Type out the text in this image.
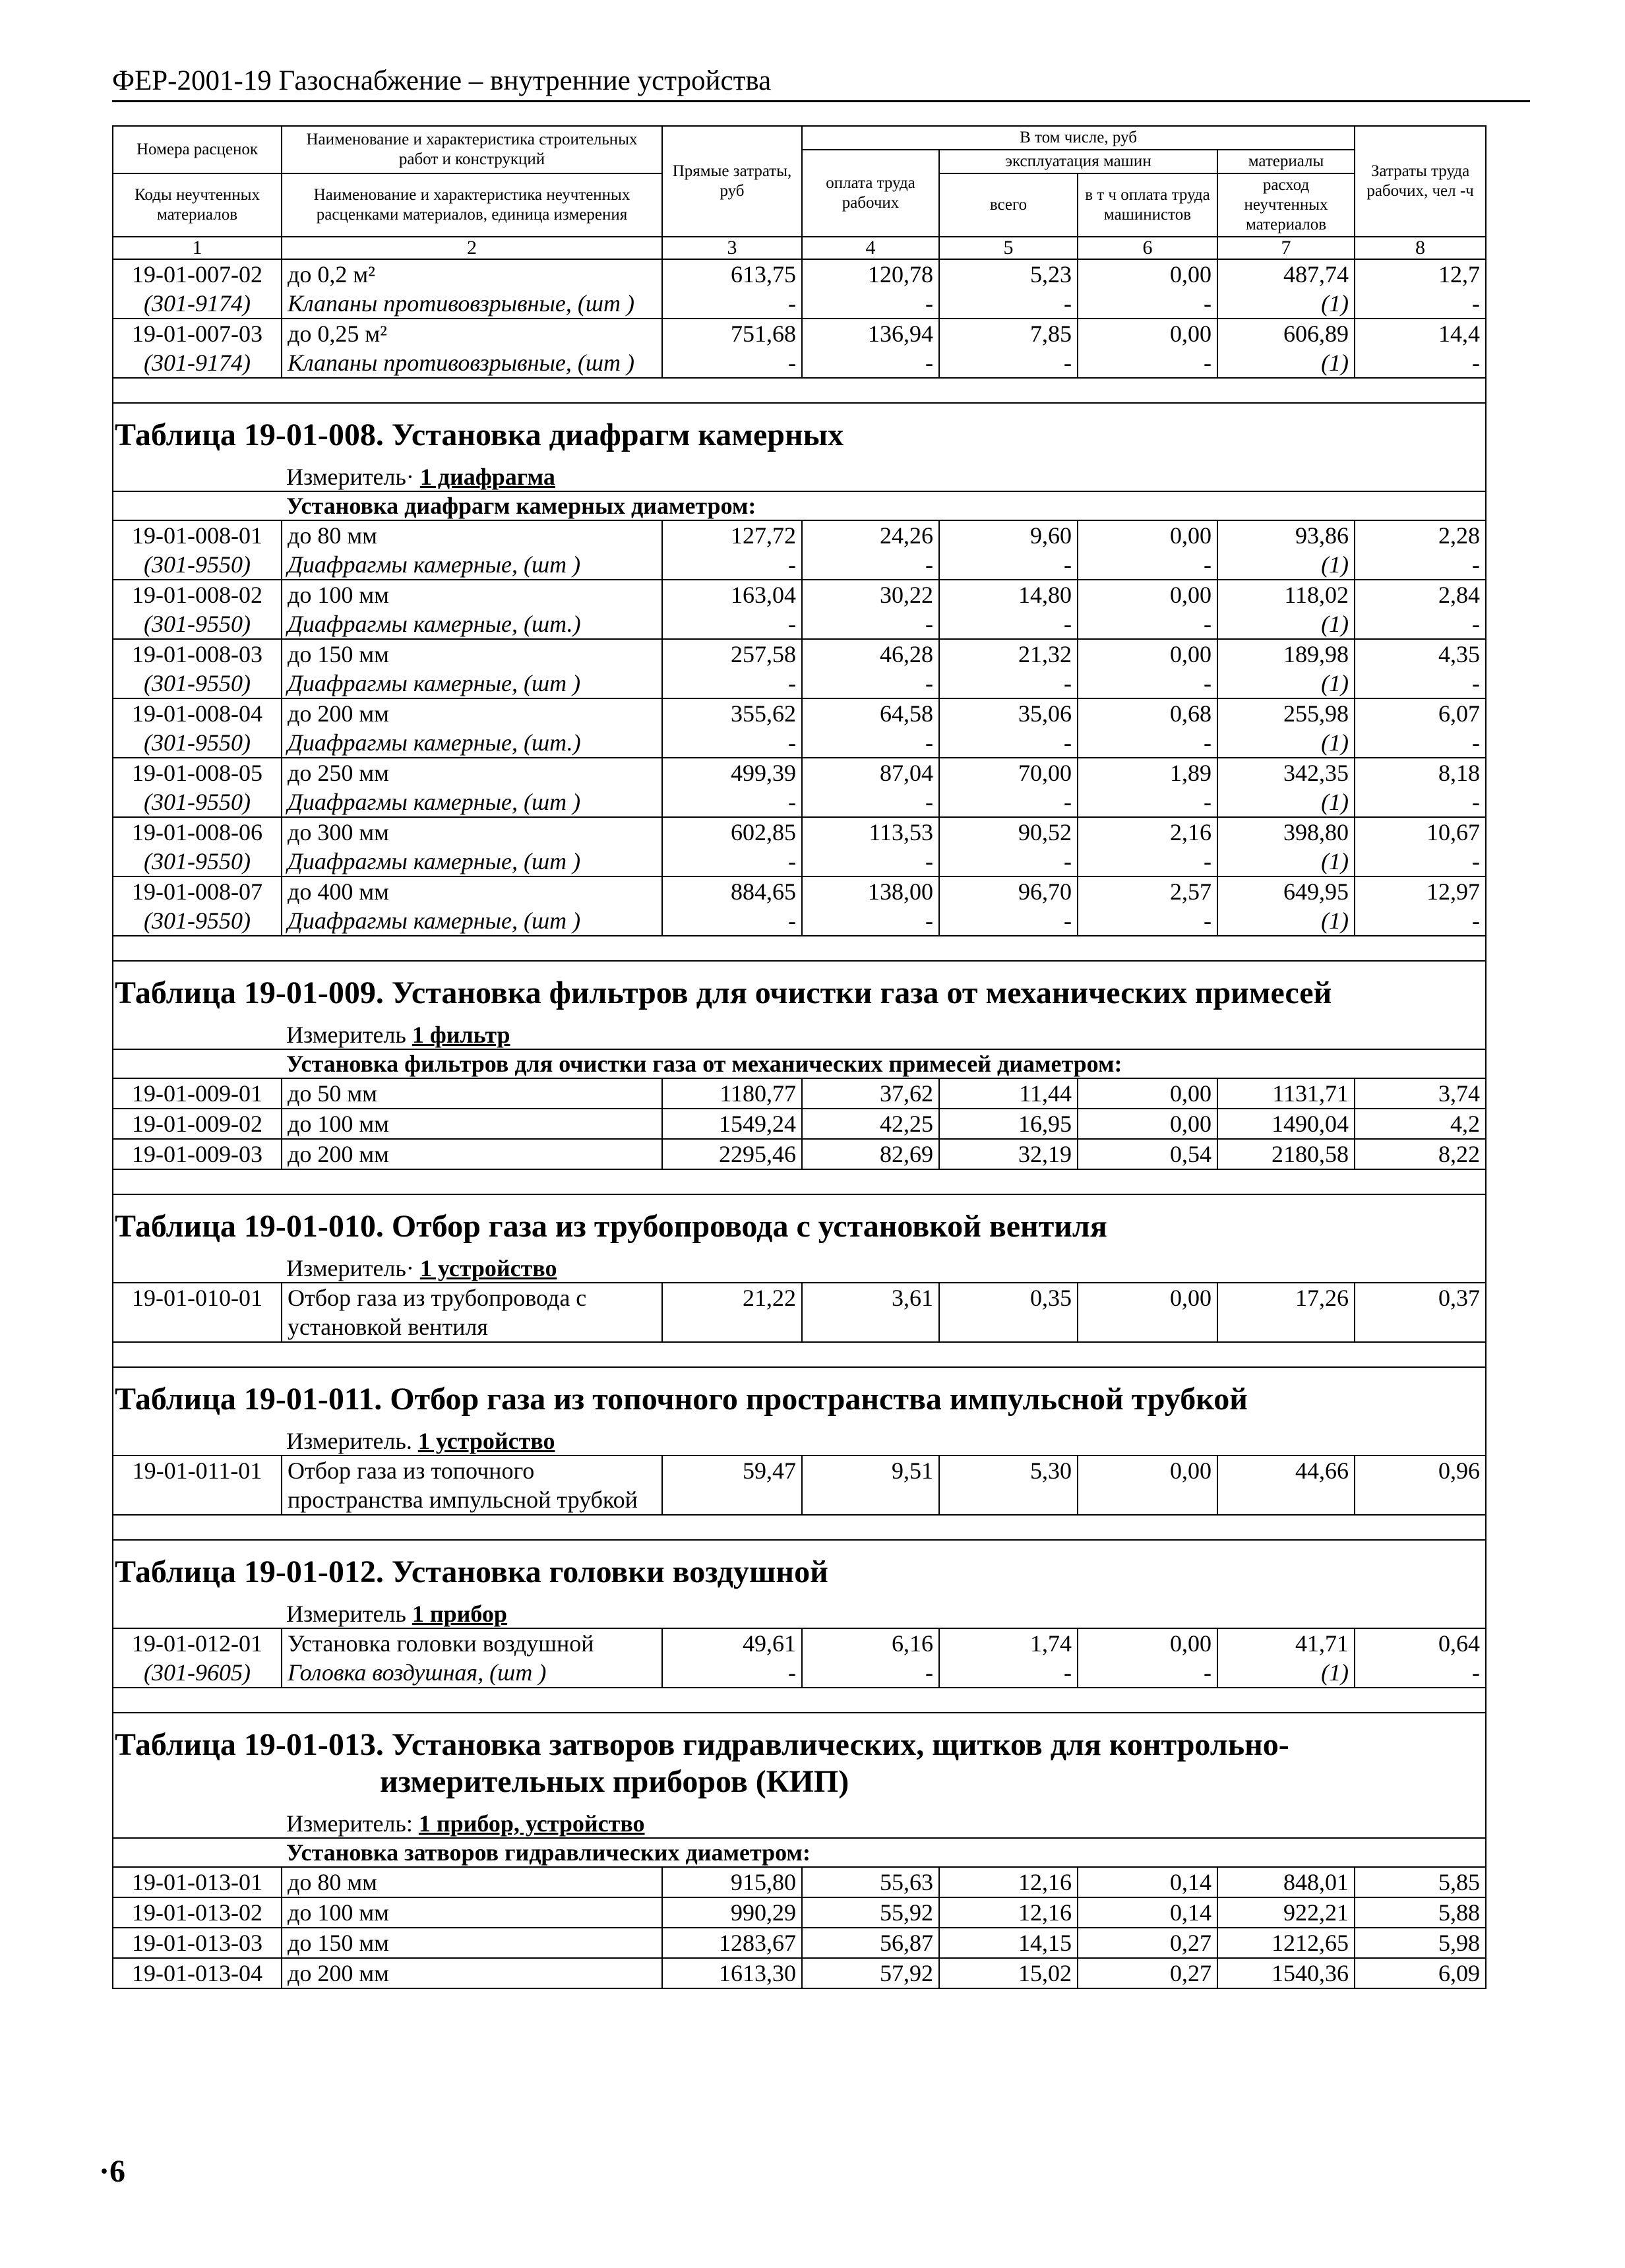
ФЕР-2001-19 Газоснабжение – внутренние устройства
Номера расценок	Наименование и характеристика строительных работ и конструкций	Прямые затраты, руб	В том числе, руб				Затраты труда рабочих, чел -ч
			оплата труда рабочих	эксплуатация машин		материалы	
Коды неучтенных материалов	Наименование и характеристика неучтенных расценками материалов, единица измерения			всего	в т ч оплата труда машинистов	расход неучтенных материалов	

1	2	3	4	5	6	7	8
19-01-007-02	до 0,2 м²	613,75	120,78	5,23	0,00	487,74	12,7
(301-9174)	Клапаны противовзрывные, (шт )	-	-	-	-	(1)	-
19-01-007-03	до 0,25 м²	751,68	136,94	7,85	0,00	606,89	14,4
(301-9174)	Клапаны противовзрывные, (шт )	-	-	-	-	(1)	-

Таблица 19-01-008. Установка диафрагм камерных							
Измеритель· 1 диафрагма							
Установка диафрагм камерных диаметром:							
19-01-008-01	до 80 мм	127,72	24,26	9,60	0,00	93,86	2,28
(301-9550)	Диафрагмы камерные, (шт )	-	-	-	-	(1)	-
19-01-008-02	до 100 мм	163,04	30,22	14,80	0,00	118,02	2,84
(301-9550)	Диафрагмы камерные, (шт.)	-	-	-	-	(1)	-
19-01-008-03	до 150 мм	257,58	46,28	21,32	0,00	189,98	4,35
(301-9550)	Диафрагмы камерные, (шт )	-	-	-	-	(1)	-
19-01-008-04	до 200 мм	355,62	64,58	35,06	0,68	255,98	6,07
(301-9550)	Диафрагмы камерные, (шт.)	-	-	-	-	(1)	-
19-01-008-05	до 250 мм	499,39	87,04	70,00	1,89	342,35	8,18
(301-9550)	Диафрагмы камерные, (шт )	-	-	-	-	(1)	-
19-01-008-06	до 300 мм	602,85	113,53	90,52	2,16	398,80	10,67
(301-9550)	Диафрагмы камерные, (шт )	-	-	-	-	(1)	-
19-01-008-07	до 400 мм	884,65	138,00	96,70	2,57	649,95	12,97
(301-9550)	Диафрагмы камерные, (шт )	-	-	-	-	(1)	-

Таблица 19-01-009. Установка фильтров для очистки газа от механических примесей							
Измеритель 1 фильтр							
Установка фильтров для очистки газа от механических примесей диаметром:							
19-01-009-01	до 50 мм	1180,77	37,62	11,44	0,00	1131,71	3,74
19-01-009-02	до 100 мм	1549,24	42,25	16,95	0,00	1490,04	4,2
19-01-009-03	до 200 мм	2295,46	82,69	32,19	0,54	2180,58	8,22

Таблица 19-01-010. Отбор газа из трубопровода с установкой вентиля							
Измеритель· 1 устройство							
19-01-010-01	Отбор газа из трубопровода с установкой вентиля	21,22	3,61	0,35	0,00	17,26	0,37

Таблица 19-01-011. Отбор газа из топочного пространства импульсной трубкой							
Измеритель. 1 устройство							
19-01-011-01	Отбор газа из топочного пространства импульсной трубкой	59,47	9,51	5,30	0,00	44,66	0,96

Таблица 19-01-012. Установка головки воздушной							
Измеритель 1 прибор							
19-01-012-01	Установка головки воздушной	49,61	6,16	1,74	0,00	41,71	0,64
(301-9605)	Головка воздушная, (шт )	-	-	-	-	(1)	-

Таблица 19-01-013. Установка затворов гидравлических, щитков для контрольно-
измерительных приборов (КИП)							

Измеритель: 1 прибор, устройство							
Установка затворов гидравлических диаметром:							
19-01-013-01	до 80 мм	915,80	55,63	12,16	0,14	848,01	5,85
19-01-013-02	до 100 мм	990,29	55,92	12,16	0,14	922,21	5,88
19-01-013-03	до 150 мм	1283,67	56,87	14,15	0,27	1212,65	5,98
19-01-013-04	до 200 мм	1613,30	57,92	15,02	0,27	1540,36	6,09
·6
